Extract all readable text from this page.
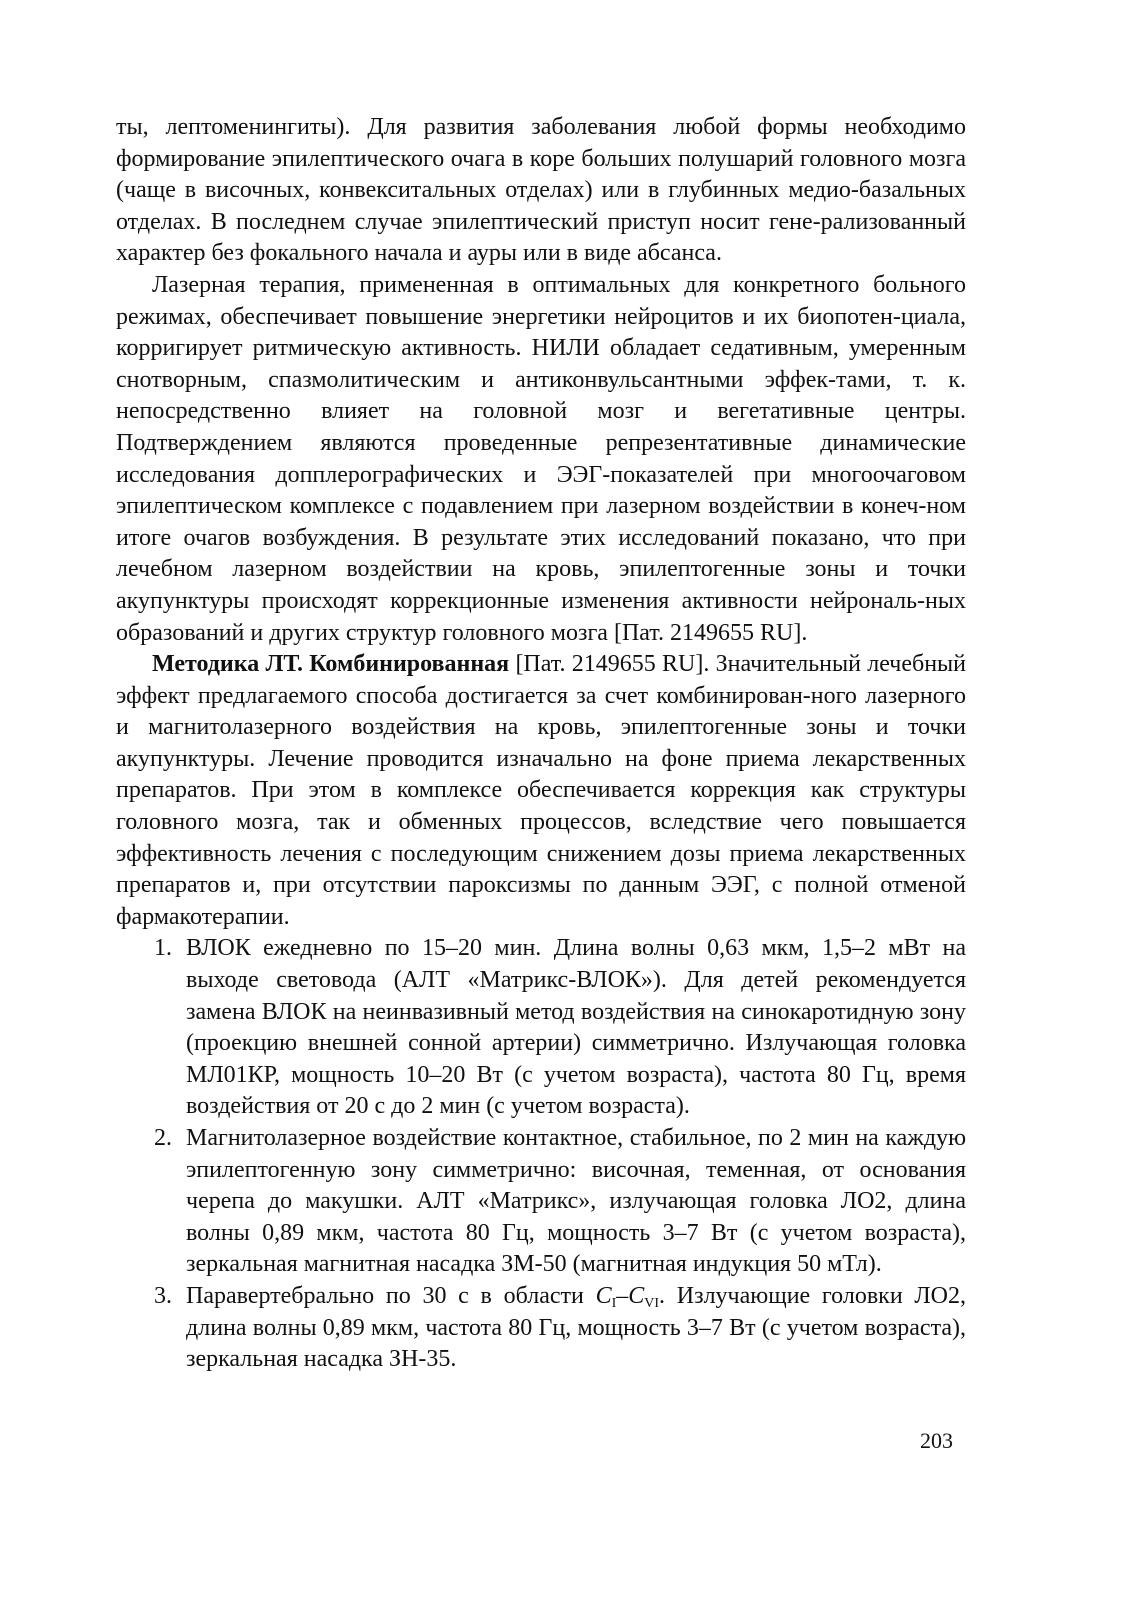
ты, лептоменингиты). Для развития заболевания любой формы необходимо формирование эпилептического очага в коре больших полушарий головного мозга (чаще в височных, конвекситальных отделах) или в глубинных медио-базальных отделах. В последнем случае эпилептический приступ носит гене-рализованный характер без фокального начала и ауры или в виде абсанса.

Лазерная терапия, примененная в оптимальных для конкретного больного режимах, обеспечивает повышение энергетики нейроцитов и их биопотен-циала, корригирует ритмическую активность. НИЛИ обладает седативным, умеренным снотворным, спазмолитическим и антиконвульсантными эффек-тами, т. к. непосредственно влияет на головной мозг и вегетативные центры. Подтверждением являются проведенные репрезентативные динамические исследования допплерографических и ЭЭГ-показателей при многоочаговом эпилептическом комплексе с подавлением при лазерном воздействии в конеч-ном итоге очагов возбуждения. В результате этих исследований показано, что при лечебном лазерном воздействии на кровь, эпилептогенные зоны и точки акупунктуры происходят коррекционные изменения активности нейрональ-ных образований и других структур головного мозга [Пат. 2149655 RU].

Методика ЛТ. Комбинированная [Пат. 2149655 RU]. Значительный лечебный эффект предлагаемого способа достигается за счет комбинирован-ного лазерного и магнитолазерного воздействия на кровь, эпилептогенные зоны и точки акупунктуры. Лечение проводится изначально на фоне приема лекарственных препаратов. При этом в комплексе обеспечивается коррекция как структуры головного мозга, так и обменных процессов, вследствие чего повышается эффективность лечения с последующим снижением дозы приема лекарственных препаратов и, при отсутствии пароксизмы по данным ЭЭГ, с полной отменой фармакотерапии.

1. ВЛОК ежедневно по 15–20 мин. Длина волны 0,63 мкм, 1,5–2 мВт на выходе световода (АЛТ «Матрикс-ВЛОК»). Для детей рекомендуется замена ВЛОК на неинвазивный метод воздействия на синокаротидную зону (проекцию внешней сонной артерии) симметрично. Излучающая головка МЛ01КР, мощность 10–20 Вт (с учетом возраста), частота 80 Гц, время воздействия от 20 с до 2 мин (с учетом возраста).
2. Магнитолазерное воздействие контактное, стабильное, по 2 мин на каждую эпилептогенную зону симметрично: височная, теменная, от основания черепа до макушки. АЛТ «Матрикс», излучающая головка ЛО2, длина волны 0,89 мкм, частота 80 Гц, мощность 3–7 Вт (с учетом возраста), зеркальная магнитная насадка ЗМ-50 (магнитная индукция 50 мТл).
3. Паравертебрально по 30 с в области $C_I-C_{VI}$. Излучающие головки ЛО2, длина волны 0,89 мкм, частота 80 Гц, мощность 3–7 Вт (с учетом возраста), зеркальная насадка ЗН-35.
203
